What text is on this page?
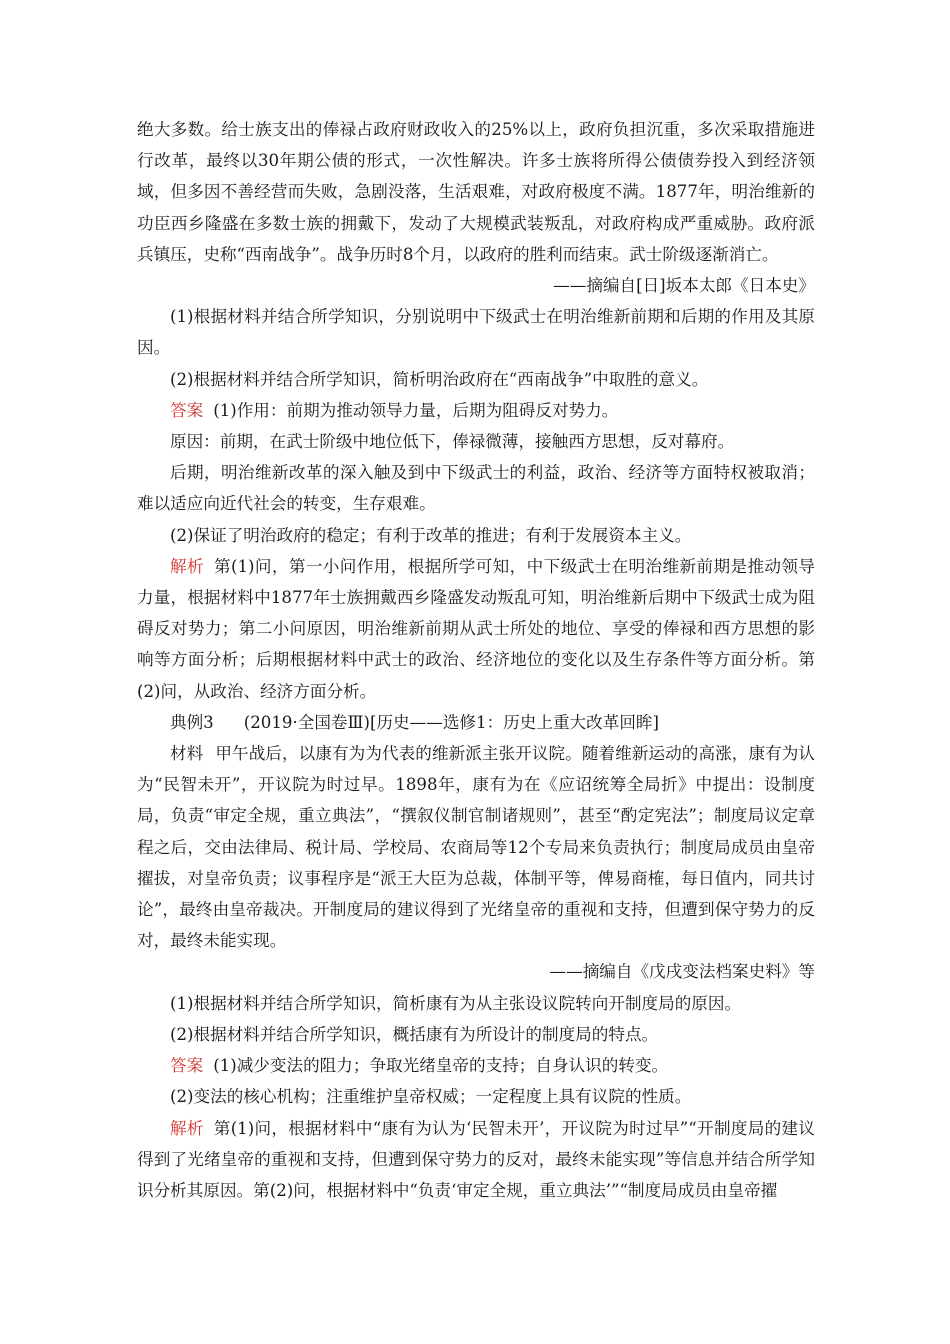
绝大多数。给士族支出的俸禄占政府财政收入的25%以上，政府负担沉重，多次采取措施进行改革，最终以30年期公债的形式，一次性解决。许多士族将所得公债债券投入到经济领域，但多因不善经营而失败，急剧没落，生活艰难，对政府极度不满。1877年，明治维新的功臣西乡隆盛在多数士族的拥戴下，发动了大规模武装叛乱，对政府构成严重威胁。政府派兵镇压，史称“西南战争”。战争历时8个月，以政府的胜利而结束。武士阶级逐渐消亡。

——摘编自[日]坂本太郎《日本史》

(1)根据材料并结合所学知识，分别说明中下级武士在明治维新前期和后期的作用及其原因。

(2)根据材料并结合所学知识，简析明治政府在“西南战争”中取胜的意义。

答案 (1)作用：前期为推动领导力量，后期为阻碍反对势力。

原因：前期，在武士阶级中地位低下，俸禄微薄，接触西方思想，反对幕府。

后期，明治维新改革的深入触及到中下级武士的利益，政治、经济等方面特权被取消；难以适应向近代社会的转变，生存艰难。

(2)保证了明治政府的稳定；有利于改革的推进；有利于发展资本主义。

解析 第(1)问，第一小问作用，根据所学可知，中下级武士在明治维新前期是推动领导力量，根据材料中1877年士族拥戴西乡隆盛发动叛乱可知，明治维新后期中下级武士成为阻碍反对势力；第二小问原因，明治维新前期从武士所处的地位、享受的俸禄和西方思想的影响等方面分析；后期根据材料中武士的政治、经济地位的变化以及生存条件等方面分析。第(2)问，从政治、经济方面分析。

典例3 (2019·全国卷Ⅲ)[历史——选修1：历史上重大改革回眸]

材料 甲午战后，以康有为为代表的维新派主张开议院。随着维新运动的高涨，康有为认为“民智未开”，开议院为时过早。1898年，康有为在《应诏统筹全局折》中提出：设制度局，负责“审定全规，重立典法”，“撰叙仪制官制诸规则”，甚至“酌定宪法”；制度局议定章程之后，交由法律局、税计局、学校局、农商局等12个专局来负责执行；制度局成员由皇帝擢拔，对皇帝负责；议事程序是“派王大臣为总裁，体制平等，俾易商榷，每日值内，同共讨论”，最终由皇帝裁决。开制度局的建议得到了光绪皇帝的重视和支持，但遭到保守势力的反对，最终未能实现。

——摘编自《戊戌变法档案史料》等

(1)根据材料并结合所学知识，简析康有为从主张设议院转向开制度局的原因。

(2)根据材料并结合所学知识，概括康有为所设计的制度局的特点。

答案 (1)减少变法的阻力；争取光绪皇帝的支持；自身认识的转变。

(2)变法的核心机构；注重维护皇帝权威；一定程度上具有议院的性质。

解析 第(1)问，根据材料中“康有为认为‘民智未开’，开议院为时过早”“开制度局的建议得到了光绪皇帝的重视和支持，但遭到保守势力的反对，最终未能实现”等信息并结合所学知识分析其原因。第(2)问，根据材料中“负责‘审定全规，重立典法’”“制度局成员由皇帝擢
